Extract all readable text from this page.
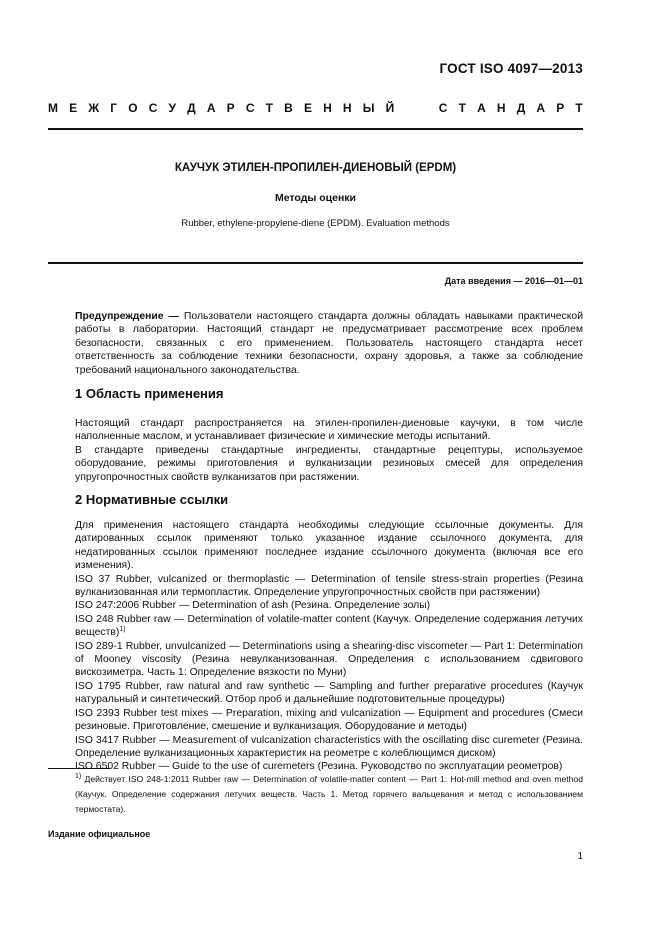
ГОСТ ISO 4097—2013
М Е Ж Г О С У Д А Р С Т В Е Н Н Ы Й	С Т А Н Д А Р Т
КАУЧУК ЭТИЛЕН-ПРОПИЛЕН-ДИЕНОВЫЙ (EPDM)
Методы оценки
Rubber, ethylene-propylene-diene (EPDM). Evaluation methods
Дата введения — 2016—01—01

Предупреждение — Пользователи настоящего стандарта должны обладать навыками практической работы в лаборатории. Настоящий стандарт не предусматривает рассмотрение всех проблем безопасности, связанных с его применением. Пользователь настоящего стандарта несет ответственность за соблюдение техники безопасности, охрану здоровья, а также за соблюдение требований национального законодательства.

1 Область применения

Настоящий стандарт распространяется на этилен-пропилен-диеновые каучуки, в том числе наполненные маслом, и устанавливает физические и химические методы испытаний.

В стандарте приведены стандартные ингредиенты, стандартные рецептуры, используемое оборудование, режимы приготовления и вулканизации резиновых смесей для определения упругопрочностных свойств вулканизатов при растяжении.

2 Нормативные ссылки

Для применения настоящего стандарта необходимы следующие ссылочные документы. Для датированных ссылок применяют только указанное издание ссылочного документа, для недатированных ссылок применяют последнее издание ссылочного документа (включая все его изменения).

ISO 37 Rubber, vulcanized or thermoplastic — Determination of tensile stress-strain properties (Резина вулканизованная или термопластик. Определение упругопрочностных свойств при растяжении)

ISO 247:2006 Rubber — Determination of ash (Резина. Определение золы)

ISO 248 Rubber raw — Determination of volatile-matter content (Каучук. Определение содержания летучих веществ)$^{1)}$

ISO 289-1 Rubber, unvulcanized — Determinations using a shearing-disc viscometer — Part 1: Determination of Mooney viscosity (Резина невулканизованная. Определения с использованием сдвигового вискозиметра. Часть 1: Определение вязкости по Муни)

ISO 1795 Rubber, raw natural and raw synthetic — Sampling and further preparative procedures (Каучук натуральный и синтетический. Отбор проб и дальнейшие подготовительные процедуры)

ISO 2393 Rubber test mixes — Preparation, mixing and vulcanization — Equipment and procedures (Смеси резиновые. Приготовление, смешение и вулканизация. Оборудование и методы)

ISO 3417 Rubber — Measurement of vulcanization characteristics with the oscillating disc curemeter (Резина. Определение вулканизационных характеристик на реометре с колеблющимся диском)

ISO 6502 Rubber — Guide to the use of curemeters (Резина. Руководство по эксплуатации реометров)

$^{1)}$ Действует ISO 248-1:2011 Rubber raw — Determination of volatile-matter content — Part 1: Hot-mill method and oven method (Каучук. Определение содержания летучих веществ. Часть 1. Метод горячего вальцевания и метод с использованием термостата).
Издание официальное
1
